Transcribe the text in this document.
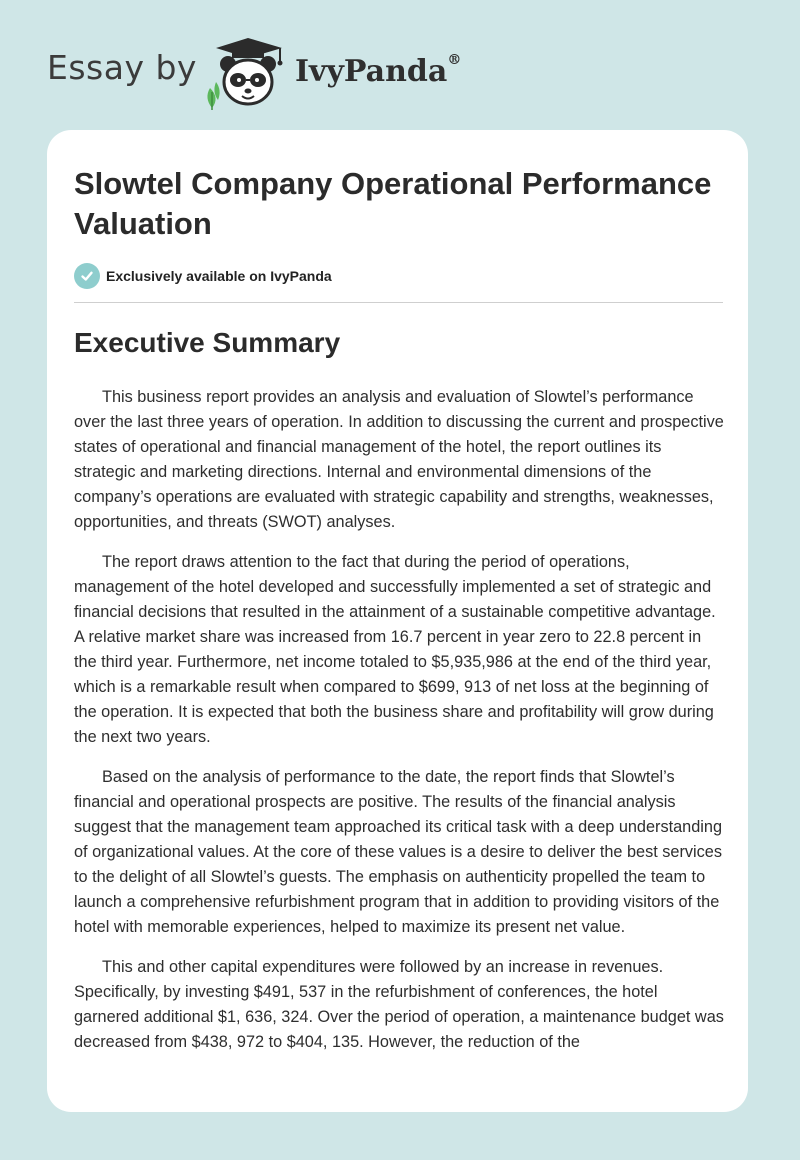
Essay by	IvyPanda®
Slowtel Company Operational Performance Valuation
Exclusively available on IvyPanda
Executive Summary

This business report provides an analysis and evaluation of Slowtel’s performance over the last three years of operation. In addition to discussing the current and prospective states of operational and financial management of the hotel, the report outlines its strategic and marketing directions. Internal and environmental dimensions of the company’s operations are evaluated with strategic capability and strengths, weaknesses, opportunities, and threats (SWOT) analyses.

The report draws attention to the fact that during the period of operations, management of the hotel developed and successfully implemented a set of strategic and financial decisions that resulted in the attainment of a sustainable competitive advantage. A relative market share was increased from 16.7 percent in year zero to 22.8 percent in the third year. Furthermore, net income totaled to $5,935,986 at the end of the third year, which is a remarkable result when compared to $699, 913 of net loss at the beginning of the operation. It is expected that both the business share and profitability will grow during the next two years.

Based on the analysis of performance to the date, the report finds that Slowtel’s financial and operational prospects are positive. The results of the financial analysis suggest that the management team approached its critical task with a deep understanding of organizational values. At the core of these values is a desire to deliver the best services to the delight of all Slowtel’s guests. The emphasis on authenticity propelled the team to launch a comprehensive refurbishment program that in addition to providing visitors of the hotel with memorable experiences, helped to maximize its present net value.

This and other capital expenditures were followed by an increase in revenues. Specifically, by investing $491, 537 in the refurbishment of conferences, the hotel garnered additional $1, 636, 324. Over the period of operation, a maintenance budget was decreased from $438, 972 to $404, 135. However, the reduction of the
